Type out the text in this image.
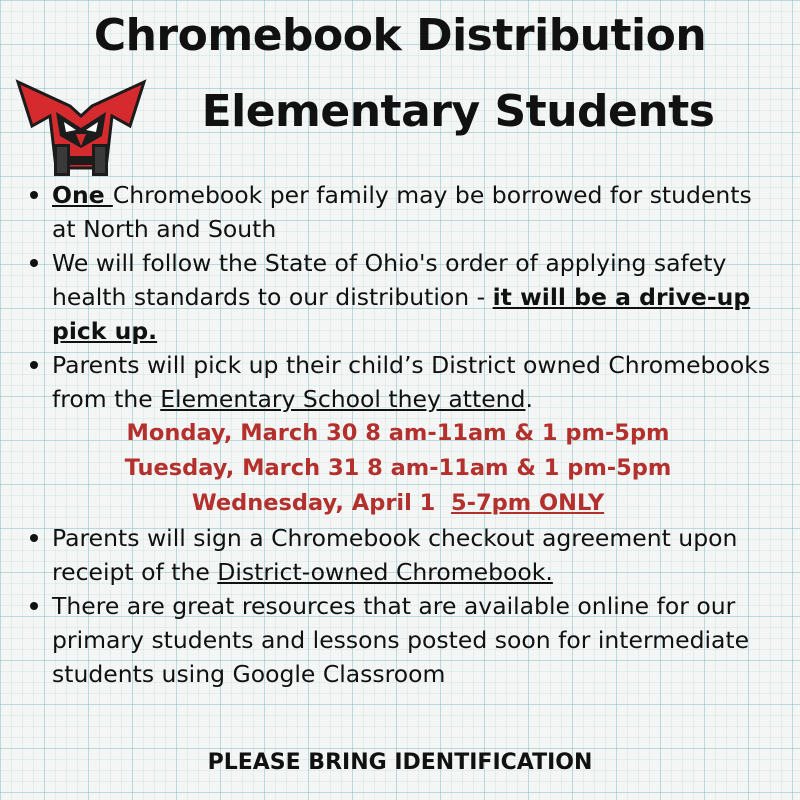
Chromebook Distribution
Elementary Students
One Chromebook per family may be borrowed for students at North and South
We will follow the State of Ohio's order of applying safety health standards to our distribution - it will be a drive-up pick up.
Parents will pick up their child’s District owned Chromebooks from the Elementary School they attend.
Monday, March 30 8 am-11am & 1 pm-5pm
Tuesday, March 31 8 am-11am & 1 pm-5pm
Wednesday, April 1  5-7pm ONLY
Parents will sign a Chromebook checkout agreement upon receipt of the District-owned Chromebook.
There are great resources that are available online for our primary students and lessons posted soon for intermediate students using Google Classroom
PLEASE BRING IDENTIFICATION
